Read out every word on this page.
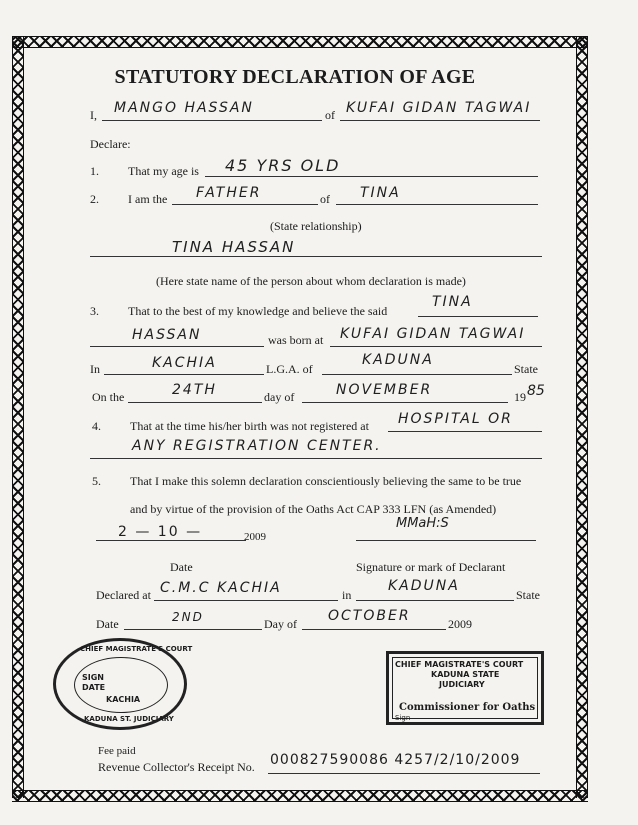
STATUTORY DECLARATION OF AGE
I, MANGO HASSAN	of KUFAI GIDAN TAGWAI
Declare:
1. That my age is 45 YRS OLD
2. I am the FATHER	of TINA
(State relationship)
TINA HASSAN
(Here state name of the person about whom declaration is made)
3. That to the best of my knowledge and believe the said
TINA
HASSAN	was born at KUFAI GIDAN TAGWAI
In	KACHIA	L.G.A. of
KADUNA
State
On the	24TH	day of	NOVEMBER	19 85
4. That at the time his/her birth was not registered at HOSPITAL OR
ANY REGISTRATION CENTER.
5. That I make this solemn declaration conscientiously believing the same to be true
and by virtue of the provision of the Oaths Act CAP 333 LFN (as Amended)
2 — 10 —	2009
MMaH:S
Date	Signature or mark of Declarant
Declared at C.M.C KACHIA	in
KADUNA
State
Date	2ND	Day of OCTOBER	2009
CHIEF MAGISTRATE'S COURT
SIGN
DATE
KACHIA
KADUNA ST. JUDICIARY
CHIEF MAGISTRATE'S COURT
KADUNA STATE
JUDICIARY
Commissioner for Oaths
Sign
Fee paid
Revenue Collector's Receipt No. 000827590086 4257/2/10/2009
